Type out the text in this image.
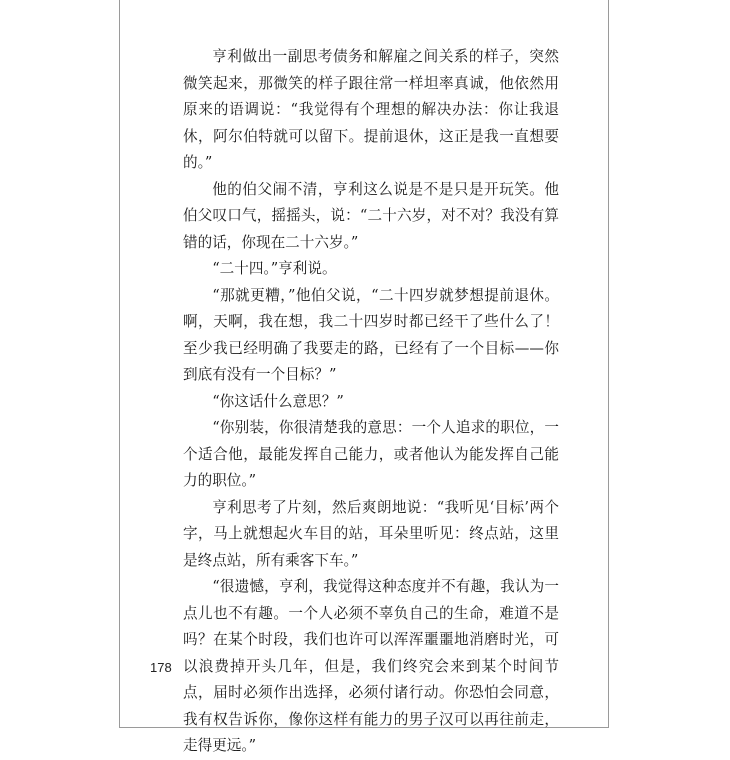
亨利做出一副思考债务和解雇之间关系的样子，突然微笑起来，那微笑的样子跟往常一样坦率真诚，他依然用原来的语调说：“我觉得有个理想的解决办法：你让我退休，阿尔伯特就可以留下。提前退休，这正是我一直想要的。”

他的伯父闹不清，亨利这么说是不是只是开玩笑。他伯父叹口气，摇摇头，说：“二十六岁，对不对？我没有算错的话，你现在二十六岁。”

“二十四。”亨利说。

“那就更糟，”他伯父说，“二十四岁就梦想提前退休。啊，天啊，我在想，我二十四岁时都已经干了些什么了！至少我已经明确了我要走的路，已经有了一个目标——你到底有没有一个目标？”

“你这话什么意思？”

“你别装，你很清楚我的意思：一个人追求的职位，一个适合他，最能发挥自己能力，或者他认为能发挥自己能力的职位。”

亨利思考了片刻，然后爽朗地说：“我听见‘目标’两个字，马上就想起火车目的站，耳朵里听见：终点站，这里是终点站，所有乘客下车。”

“很遗憾，亨利，我觉得这种态度并不有趣，我认为一点儿也不有趣。一个人必须不辜负自己的生命，难道不是吗？在某个时段，我们也许可以浑浑噩噩地消磨时光，可以浪费掉开头几年，但是，我们终究会来到某个时间节点，届时必须作出选择，必须付诸行动。你恐怕会同意，我有权告诉你，像你这样有能力的男子汉可以再往前走，走得更远。”

178
